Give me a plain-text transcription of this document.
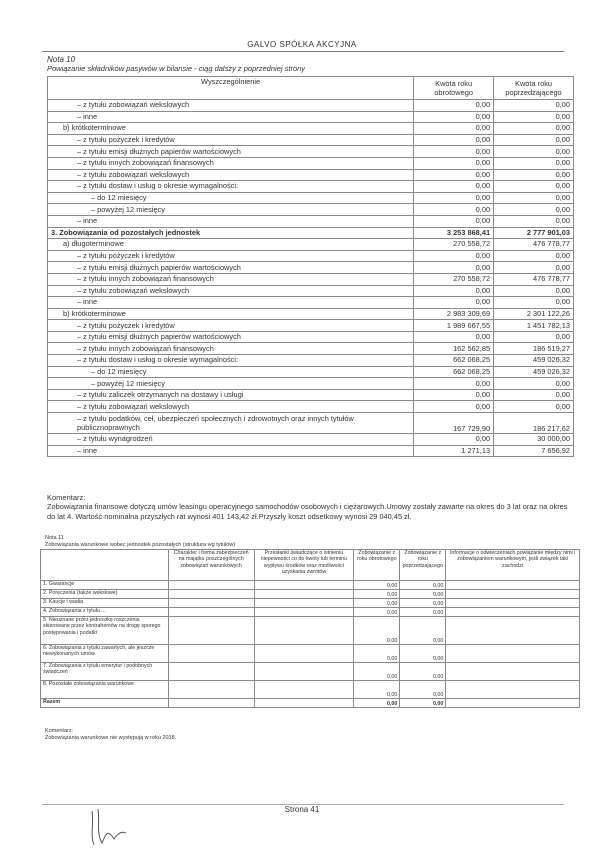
GALVO SPÓŁKA AKCYJNA
Nota 10
Powiązanie składników pasywów w bilansie - ciąg dalszy z poprzedniej strony
Wyszczególnienie	Kwota roku obrotowego	Kwota roku poprzedzającego
– z tytułu zobowiązań wekslowych	0,00	0,00
– inne	0,00	0,00
b) krótkoterminowe	0,00	0,00
– z tytułu pożyczek i kredytów	0,00	0,00
– z tytułu emisji dłużnych papierów wartościowych	0,00	0,00
– z tytułu innych zobowiązań finansowych	0,00	0,00
– z tytułu zobowiązań wekslowych	0,00	0,00
– z tytułu dostaw i usług o okresie wymagalności:	0,00	0,00
– do 12 miesięcy	0,00	0,00
– powyżej 12 miesięcy	0,00	0,00
– inne	0,00	0,00
3. Zobowiązania od pozostałych jednostek	3 253 868,41	2 777 901,03
a) długoterminowe	270 558,72	476 778,77
– z tytułu pożyczek i kredytów	0,00	0,00
– z tytułu emisji dłużnych papierów wartościowych	0,00	0,00
– z tytułu innych zobowiązań finansowych	270 558,72	476 778,77
– z tytułu zobowiązań wekslowych	0,00	0,00
– inne	0,00	0,00
b) krótkoterminowe	2 983 309,69	2 301 122,26
– z tytułu pożyczek i kredytów	1 989 667,55	1 451 782,13
– z tytułu emisji dłużnych papierów wartościowych	0,00	0,00
– z tytułu innych zobowiązań finansowych	162 562,85	186 519,27
– z tytułu dostaw i usług o okresie wymagalności:	662 068,25	459 026,32
– do 12 miesięcy	662 068,25	459 026,32
– powyżej 12 miesięcy	0,00	0,00
– z tytułu zaliczek otrzymanych na dostawy i usługi	0,00	0,00
– z tytułu zobowiązań wekslowych	0,00	0,00
– z tytułu podatków, ceł, ubezpieczeń społecznych i zdrowotnych oraz innych tytułów publicznoprawnych	167 729,90	186 217,62
– z tytułu wynagrodzeń	0,00	30 000,00
– inne	1 271,13	7 656,92
Komentarz:
Zobowiązania finansowe dotyczą umów leasingu operacyjnego samochodów osobowych i ciężarowych.Umowy zostały zawarte na okres do 3 lat oraz na okres do lat 4. Wartość nominalna przyszłych rat wynosi 401 143,42 zł.Przyszły koszt odsetkowy wynosi 29 040,45 zł.
Nota 11
Zobowiązania warunkowe wobec jednostek pozostałych (struktura wg tytułów)
	Charakter i forma zabezpieczeń na majątku poszczególnych zobowiązań warunkowych	Przesłanki świadczące o istnieniu niepewności co do kwoty lub terminu wypływu środków oraz możliwości uzyskania zwrotów	Zobowiązanie z roku obrotowego	Zobowiązanie z roku poprzedzającego	Informacje o odwieczeniach powiązanie między nimi i zobowiązaniem warunkowym, jeśli związek taki zachodzi
1. Gwarancje			0,00	0,00	
2. Poręczenia (także wekslowe)			0,00	0,00	
3. Kaucje i wadia			0,00	0,00	
4. Zobowiązania z tytułu ...			0,00	0,00	
5. Nieuznane przez jednostkę roszczenia skierowane przez kontrahentów na drogę sporego postępowania i podatki			0,00	0,00	
6. Zobowiązania z tytułu zawartych, ale jeszcze niewykonanych umów			0,00	0,00	
7. Zobowiązania z tytułu emerytur i podobnych świadczeń			0,00	0,00	
8. Pozostałe zobowiązania warunkowe			0,00	0,00	
Razem			0,00	0,00	
Komentarz:
Zobowiązania warunkowe nie występują w roku 2018.
Strona 41
